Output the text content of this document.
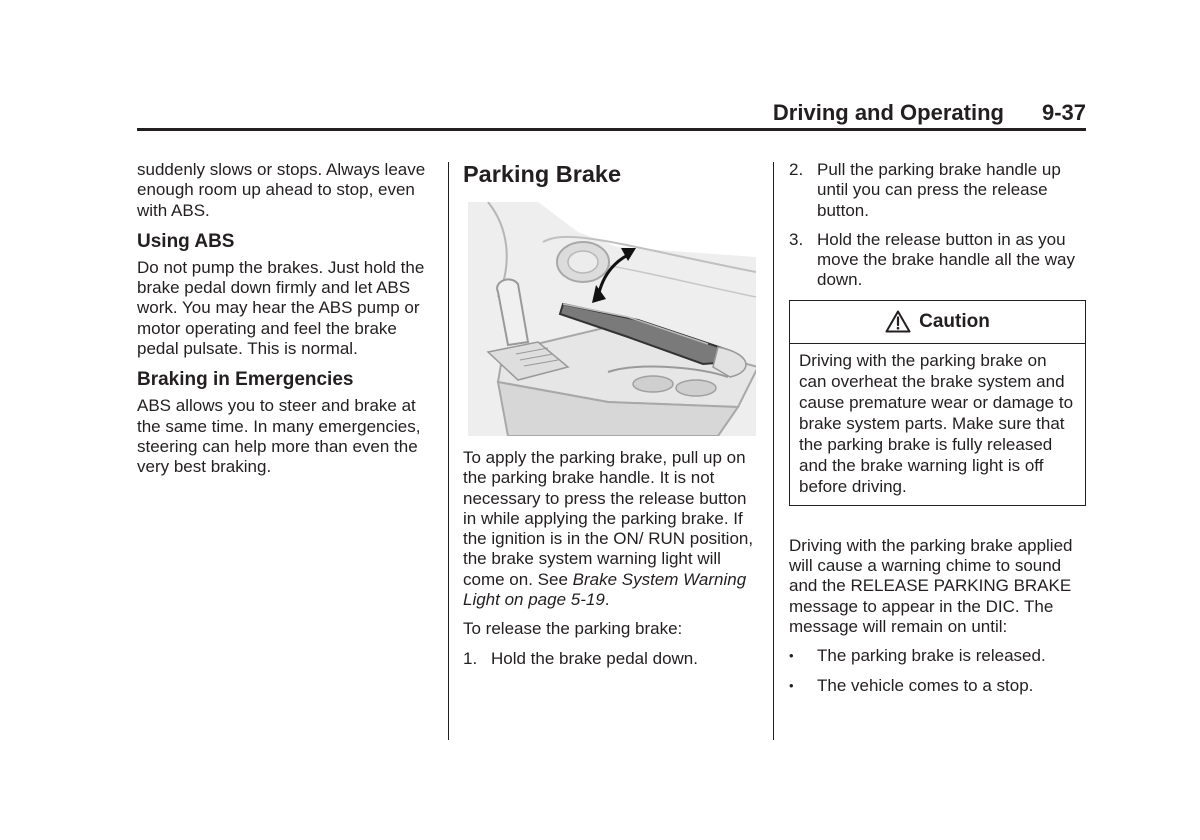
Driving and Operating 9-37

suddenly slows or stops. Always leave enough room up ahead to stop, even with ABS.

Using ABS

Do not pump the brakes. Just hold the brake pedal down firmly and let ABS work. You may hear the ABS pump or motor operating and feel the brake pedal pulsate. This is normal.

Braking in Emergencies

ABS allows you to steer and brake at the same time. In many emergencies, steering can help more than even the very best braking.

Parking Brake

To apply the parking brake, pull up on the parking brake handle. It is not necessary to press the release button in while applying the parking brake. If the ignition is in the ON/ RUN position, the brake system warning light will come on. See Brake System Warning Light on page 5-19.

To release the parking brake:

1. Hold the brake pedal down.
2. Pull the parking brake handle up until you can press the release button.
3. Hold the release button in as you move the brake handle all the way down.
Caution
Driving with the parking brake on can overheat the brake system and cause premature wear or damage to brake system parts. Make sure that the parking brake is fully released and the brake warning light is off before driving.

Driving with the parking brake applied will cause a warning chime to sound and the RELEASE PARKING BRAKE message to appear in the DIC. The message will remain on until:

•	The parking brake is released.
•	The vehicle comes to a stop.
